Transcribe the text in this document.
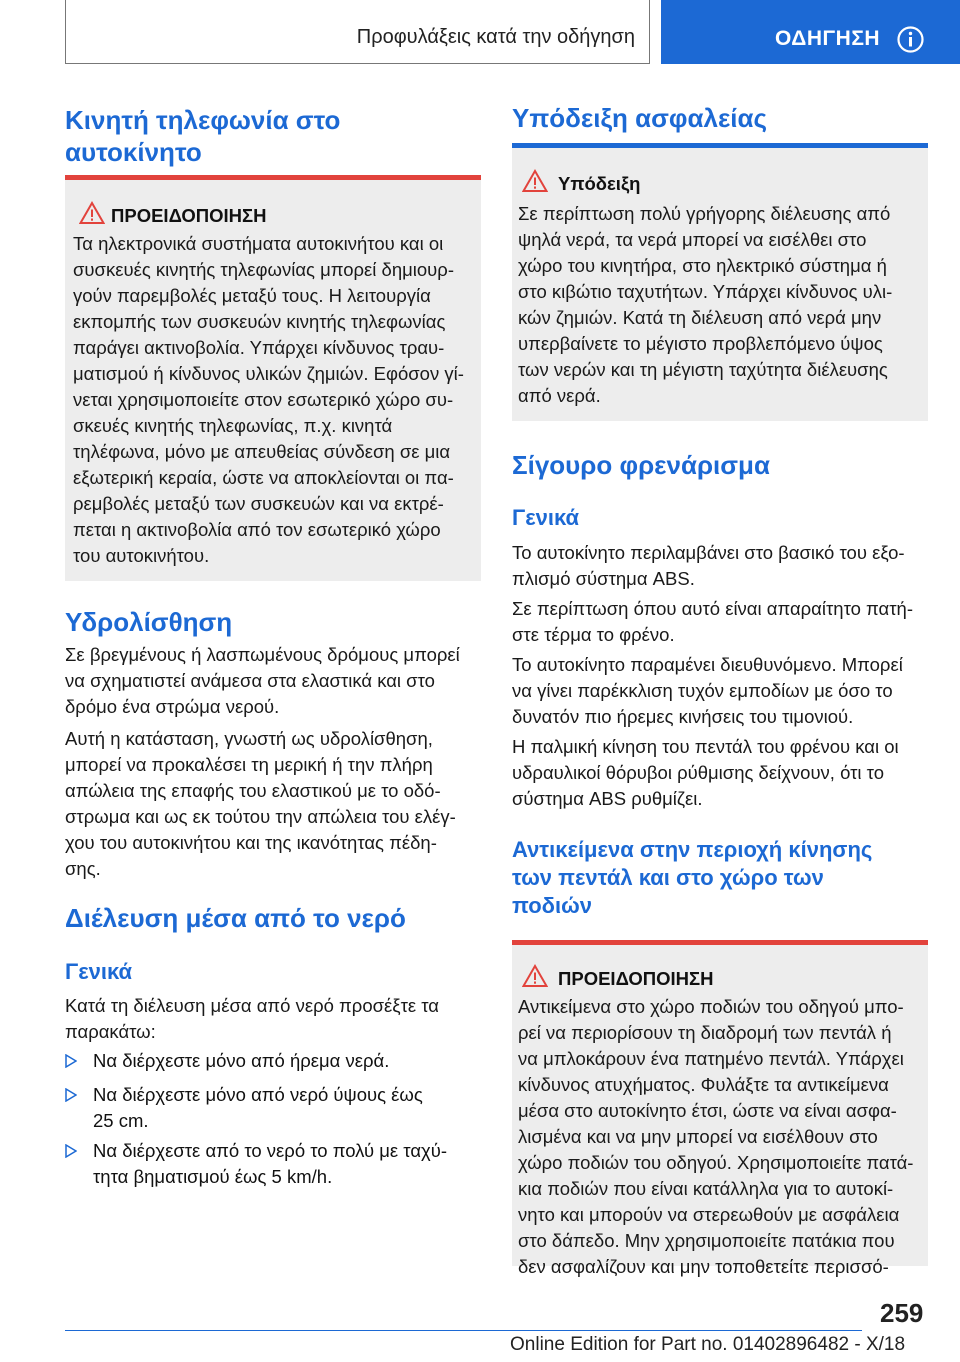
Προφυλάξεις κατά την οδήγηση	ΟΔΗΓΗΣΗ
Κινητή τηλεφωνία στο
αυτοκίνητο
ΠΡΟΕΙΔΟΠΟΙΗΣΗ
Τα ηλεκτρονικά συστήματα αυτοκινήτου και οι
συσκευές κινητής τηλεφωνίας μπορεί δημιουρ-
γούν παρεμβολές μεταξύ τους. Η λειτουργία
εκπομπής των συσκευών κινητής τηλεφωνίας
παράγει ακτινοβολία. Υπάρχει κίνδυνος τραυ-
ματισμού ή κίνδυνος υλικών ζημιών. Εφόσον γί-
νεται χρησιμοποιείτε στον εσωτερικό χώρο συ-
σκευές κινητής τηλεφωνίας, π.χ. κινητά
τηλέφωνα, μόνο με απευθείας σύνδεση σε μια
εξωτερική κεραία, ώστε να αποκλείονται οι πα-
ρεμβολές μεταξύ των συσκευών και να εκτρέ-
πεται η ακτινοβολία από τον εσωτερικό χώρο
του αυτοκινήτου.
Υδρολίσθηση
Σε βρεγμένους ή λασπωμένους δρόμους μπορεί
να σχηματιστεί ανάμεσα στα ελαστικά και στο
δρόμο ένα στρώμα νερού.
Αυτή η κατάσταση, γνωστή ως υδρολίσθηση,
μπορεί να προκαλέσει τη μερική ή την πλήρη
απώλεια της επαφής του ελαστικού με το οδό-
στρωμα και ως εκ τούτου την απώλεια του ελέγ-
χου του αυτοκινήτου και της ικανότητας πέδη-
σης.
Διέλευση μέσα από το νερό
Γενικά
Κατά τη διέλευση μέσα από νερό προσέξτε τα
παρακάτω:
Να διέρχεστε μόνο από ήρεμα νερά.
Να διέρχεστε μόνο από νερό ύψους έως
25 cm.
Να διέρχεστε από το νερό το πολύ με ταχύ-
τητα βηματισμού έως 5 km/h.
Υπόδειξη ασφαλείας
Υπόδειξη
Σε περίπτωση πολύ γρήγορης διέλευσης από
ψηλά νερά, τα νερά μπορεί να εισέλθει στο
χώρο του κινητήρα, στο ηλεκτρικό σύστημα ή
στο κιβώτιο ταχυτήτων. Υπάρχει κίνδυνος υλι-
κών ζημιών. Κατά τη διέλευση από νερά μην
υπερβαίνετε το μέγιστο προβλεπόμενο ύψος
των νερών και τη μέγιστη ταχύτητα διέλευσης
από νερά.
Σίγουρο φρενάρισμα
Γενικά
Το αυτοκίνητο περιλαμβάνει στο βασικό του εξο-
πλισμό σύστημα ABS.
Σε περίπτωση όπου αυτό είναι απαραίτητο πατή-
στε τέρμα το φρένο.
Το αυτοκίνητο παραμένει διευθυνόμενο. Μπορεί
να γίνει παρέκκλιση τυχόν εμποδίων με όσο το
δυνατόν πιο ήρεμες κινήσεις του τιμονιού.
Η παλμική κίνηση του πεντάλ του φρένου και οι
υδραυλικοί θόρυβοι ρύθμισης δείχνουν, ότι το
σύστημα ABS ρυθμίζει.
Αντικείμενα στην περιοχή κίνησης
των πεντάλ και στο χώρο των
ποδιών
ΠΡΟΕΙΔΟΠΟΙΗΣΗ
Αντικείμενα στο χώρο ποδιών του οδηγού μπο-
ρεί να περιορίσουν τη διαδρομή των πεντάλ ή
να μπλοκάρουν ένα πατημένο πεντάλ. Υπάρχει
κίνδυνος ατυχήματος. Φυλάξτε τα αντικείμενα
μέσα στο αυτοκίνητο έτσι, ώστε να είναι ασφα-
λισμένα και να μην μπορεί να εισέλθουν στο
χώρο ποδιών του οδηγού. Χρησιμοποιείτε πατά-
κια ποδιών που είναι κατάλληλα για το αυτοκί-
νητο και μπορούν να στερεωθούν με ασφάλεια
στο δάπεδο. Μην χρησιμοποιείτε πατάκια που
δεν ασφαλίζουν και μην τοποθετείτε περισσό-
259
Online Edition for Part no. 01402896482 - X/18
